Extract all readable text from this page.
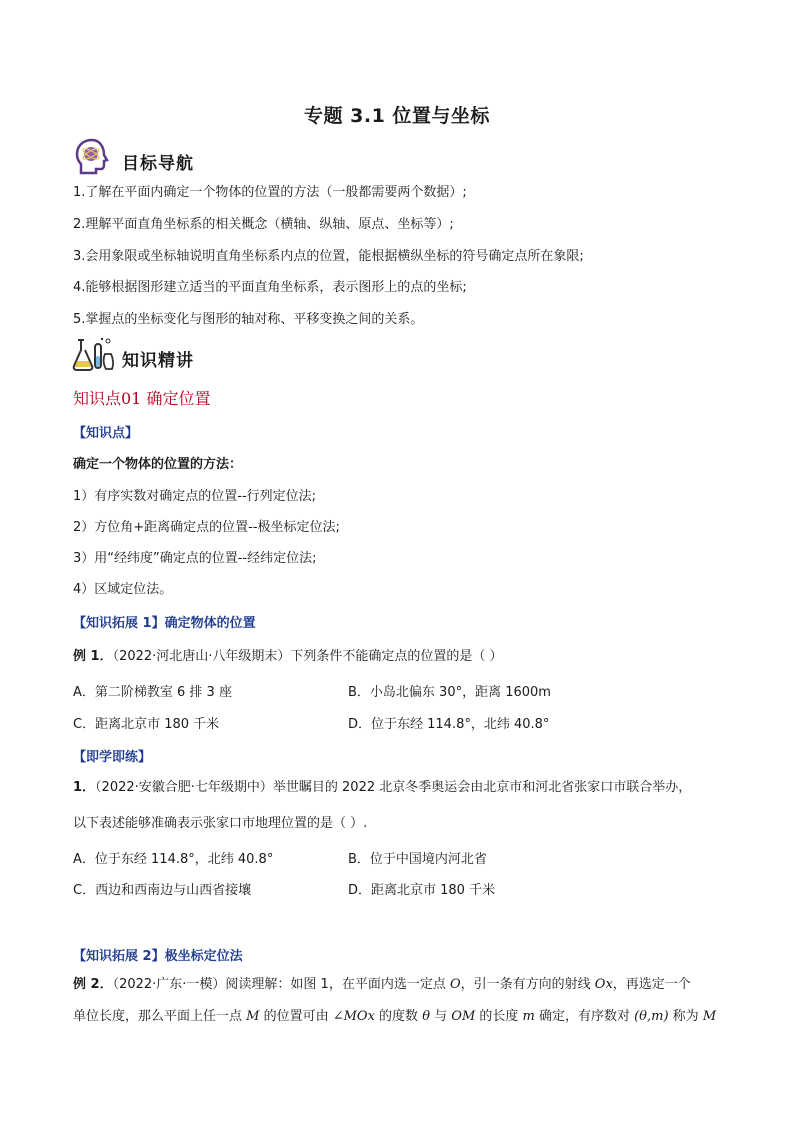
专题 3.1 位置与坐标
目标导航
1.了解在平面内确定一个物体的位置的方法（一般都需要两个数据）;
2.理解平面直角坐标系的相关概念（横轴、纵轴、原点、坐标等）;
3.会用象限或坐标轴说明直角坐标系内点的位置，能根据横纵坐标的符号确定点所在象限;
4.能够根据图形建立适当的平面直角坐标系，表示图形上的点的坐标;
5.掌握点的坐标变化与图形的轴对称、平移变换之间的关系。
知识精讲
知识点01 确定位置
【知识点】
确定一个物体的位置的方法：
1）有序实数对确定点的位置--行列定位法;
2）方位角+距离确定点的位置--极坐标定位法;
3）用“经纬度”确定点的位置--经纬定位法;
4）区域定位法。
【知识拓展 1】确定物体的位置
例 1．（2022·河北唐山·八年级期末）下列条件不能确定点的位置的是（ ）
A．第二阶梯教室 6 排 3 座	B．小岛北偏东 30°，距离 1600m
C．距离北京市 180 千米	D．位于东经 114.8°，北纬 40.8°
【即学即练】
1．（2022·安徽合肥·七年级期中）举世瞩目的 2022 北京冬季奥运会由北京市和河北省张家口市联合举办，
以下表述能够准确表示张家口市地理位置的是（ ）.
A．位于东经 114.8°，北纬 40.8°	B．位于中国境内河北省
C．西边和西南边与山西省接壤	D．距离北京市 180 千米
【知识拓展 2】极坐标定位法
例 2．（2022·广东·一模）阅读理解：如图 1，在平面内选一定点 O，引一条有方向的射线 Ox，再选定一个
单位长度，那么平面上任一点 M 的位置可由 ∠MOx 的度数 θ 与 OM 的长度 m 确定，有序数对 (θ,m) 称为 M
